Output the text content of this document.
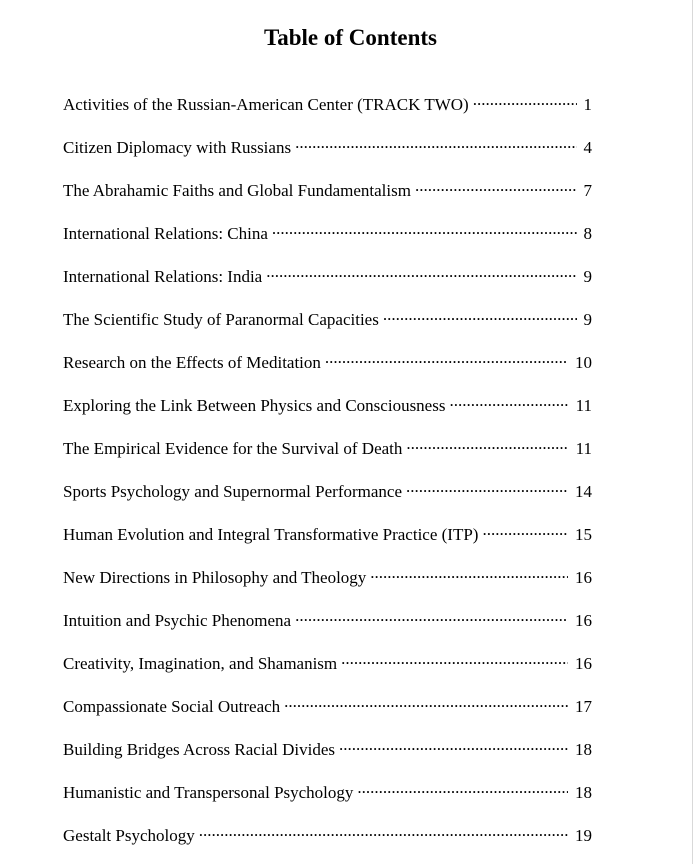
Table of Contents
Activities of the Russian-American Center (TRACK TWO) .....	1
Citizen Diplomacy with Russians .....	4
The Abrahamic Faiths and Global Fundamentalism .....	7
International Relations: China .....	8
International Relations: India .....	9
The Scientific Study of Paranormal Capacities .....	9
Research on the Effects of Meditation .....	10
Exploring the Link Between Physics and Consciousness .....	11
The Empirical Evidence for the Survival of Death .....	11
Sports Psychology and Supernormal Performance .....	14
Human Evolution and Integral Transformative Practice (ITP) .....	15
New Directions in Philosophy and Theology .....	16
Intuition and Psychic Phenomena .....	16
Creativity, Imagination, and Shamanism .....	16
Compassionate Social Outreach .....	17
Building Bridges Across Racial Divides .....	18
Humanistic and Transpersonal Psychology .....	18
Gestalt Psychology .....	19
